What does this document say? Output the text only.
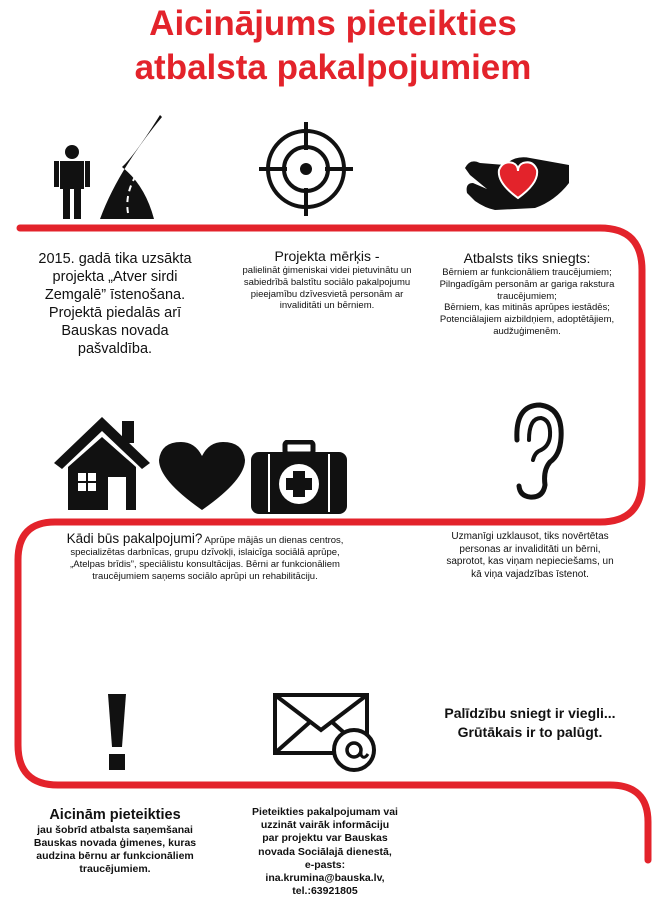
Aicinājums pieteikties
atbalsta pakalpojumiem
2015. gadā tika uzsākta projekta „Atver sirdi Zemgalē” īstenošana. Projektā piedalās arī Bauskas novada pašvaldība.
Projekta mērķis -
palielināt ģimeniskai videi pietuvinātu un sabiedrībā balstītu sociālo pakalpojumu pieejamību dzīvesvietā personām ar invaliditāti un bērniem.
Atbalsts tiks sniegts:
Bērniem ar funkcionāliem traucējumiem;
Pilngadīgām personām ar gariga rakstura traucējumiem;
Bērniem, kas mitinās aprūpes iestādēs;
Potenciālajiem aizbildņiem, adoptētājiem, audžuģimenēm.
Kādi būs pakalpojumi? Aprūpe mājās un dienas centros, specializētas darbnīcas, grupu dzīvokļi, islaicīga sociālā aprūpe, „Atelpas brīdis”, speciālistu konsultācijas. Bērni ar funkcionāliem traucējumiem saņems sociālo aprūpi un rehabilitāciju.
Uzmanīgi uzklausot, tiks novērtētas personas ar invaliditāti un bērni, saprotot, kas viņam nepieciešams, un kā viņa vajadzības īstenot.
Palīdzību sniegt ir viegli... Grūtākais ir to palūgt.
Aicinām pieteikties
jau šobrīd atbalsta saņemšanai Bauskas novada ģimenes, kuras audzina bērnu ar funkcionāliem traucējumiem.
Pieteikties pakalpojumam vai
uzzināt vairāk informāciju
par projektu var Bauskas
novada Sociālajā dienestā,
e-pasts:
ina.krumina@bauska.lv,
tel.:63921805
